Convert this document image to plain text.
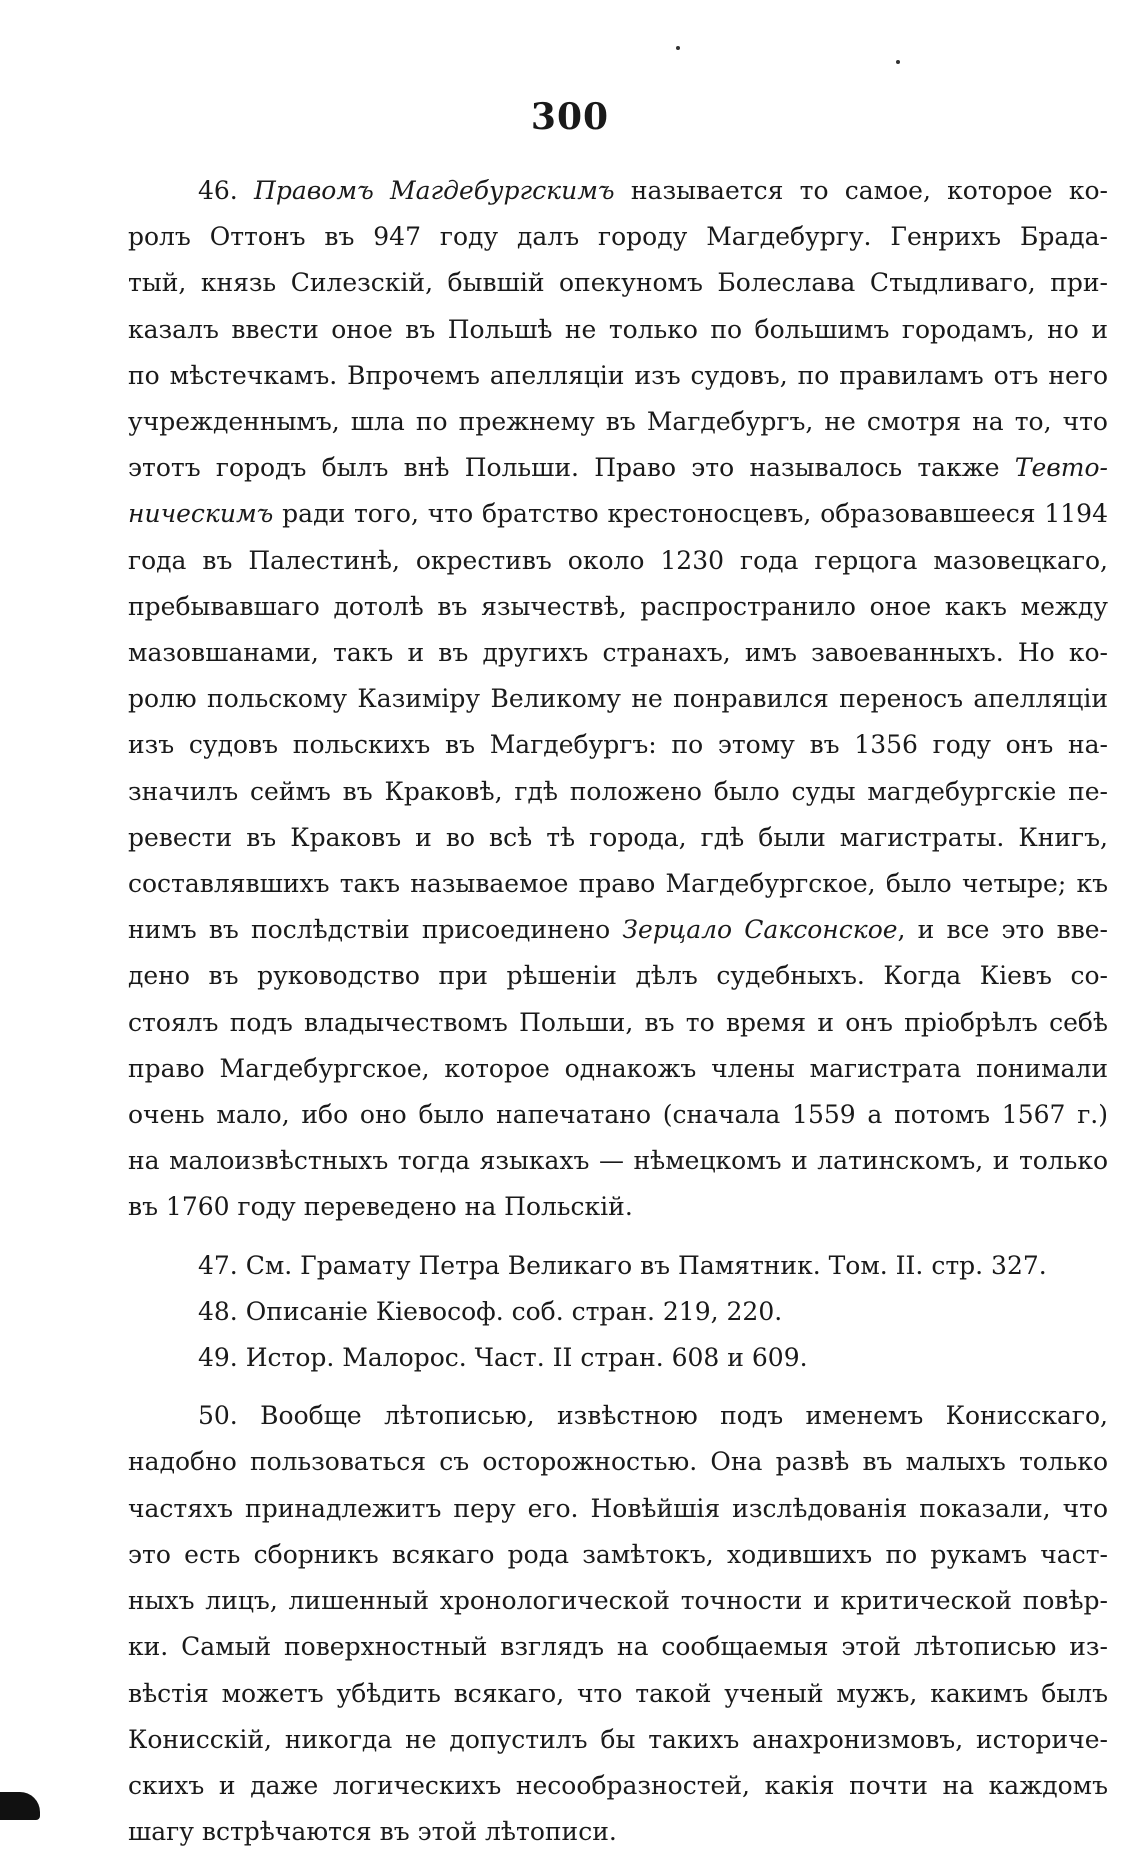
300
46. Правомъ Магдебургскимъ называется то самое, которое ко-
ролъ Оттонъ въ 947 году далъ городу Магдебургу. Генрихъ Брада-
тый, князь Силезскій, бывшій опекуномъ Болеслава Стыдливаго, при-
казалъ ввести оное въ Польшѣ не только по большимъ городамъ, но и
по мѣстечкамъ. Впрочемъ апелляціи изъ судовъ, по правиламъ отъ него
учрежденнымъ, шла по прежнему въ Магдебургъ, не смотря на то, что
этотъ городъ былъ внѣ Польши. Право это называлось также Тевто-
ническимъ ради того, что братство крестоносцевъ, образовавшееся 1194
года въ Палестинѣ, окрестивъ около 1230 года герцога мазовецкаго,
пребывавшаго дотолѣ въ язычествѣ, распространило оное какъ между
мазовшанами, такъ и въ другихъ странахъ, имъ завоеванныхъ. Но ко-
ролю польскому Казиміру Великому не понравился переносъ апелляціи
изъ судовъ польскихъ въ Магдебургъ: по этому въ 1356 году онъ на-
значилъ сеймъ въ Краковѣ, гдѣ положено было суды магдебургскіе пе-
ревести въ Краковъ и во всѣ тѣ города, гдѣ были магистраты. Книгъ,
составлявшихъ такъ называемое право Магдебургское, было четыре; къ
нимъ въ послѣдствіи присоединено Зерцало Саксонское, и все это вве-
дено въ руководство при рѣшеніи дѣлъ судебныхъ. Когда Кіевъ со-
стоялъ подъ владычествомъ Польши, въ то время и онъ пріобрѣлъ себѣ
право Магдебургское, которое однакожъ члены магистрата понимали
очень мало, ибо оно было напечатано (сначала 1559 а потомъ 1567 г.)
на малоизвѣстныхъ тогда языкахъ — нѣмецкомъ и латинскомъ, и только
въ 1760 году переведено на Польскій.
47. См. Грамату Петра Великаго въ Памятник. Том. II. стр. 327.
48. Описаніе Кіевософ. соб. стран. 219, 220.
49. Истор. Малорос. Част. II стран. 608 и 609.
50. Вообще лѣтописью, извѣстною подъ именемъ Конисскаго,
надобно пользоваться съ осторожностью. Она развѣ въ малыхъ только
частяхъ принадлежитъ перу его. Новѣйшія изслѣдованія показали, что
это есть сборникъ всякаго рода замѣтокъ, ходившихъ по рукамъ част-
ныхъ лицъ, лишенный хронологической точности и критической повѣр-
ки. Самый поверхностный взглядъ на сообщаемыя этой лѣтописью из-
вѣстія можетъ убѣдить всякаго, что такой ученый мужъ, какимъ былъ
Конисскій, никогда не допустилъ бы такихъ анахронизмовъ, историче-
скихъ и даже логическихъ несообразностей, какія почти на каждомъ
шагу встрѣчаются въ этой лѣтописи.
